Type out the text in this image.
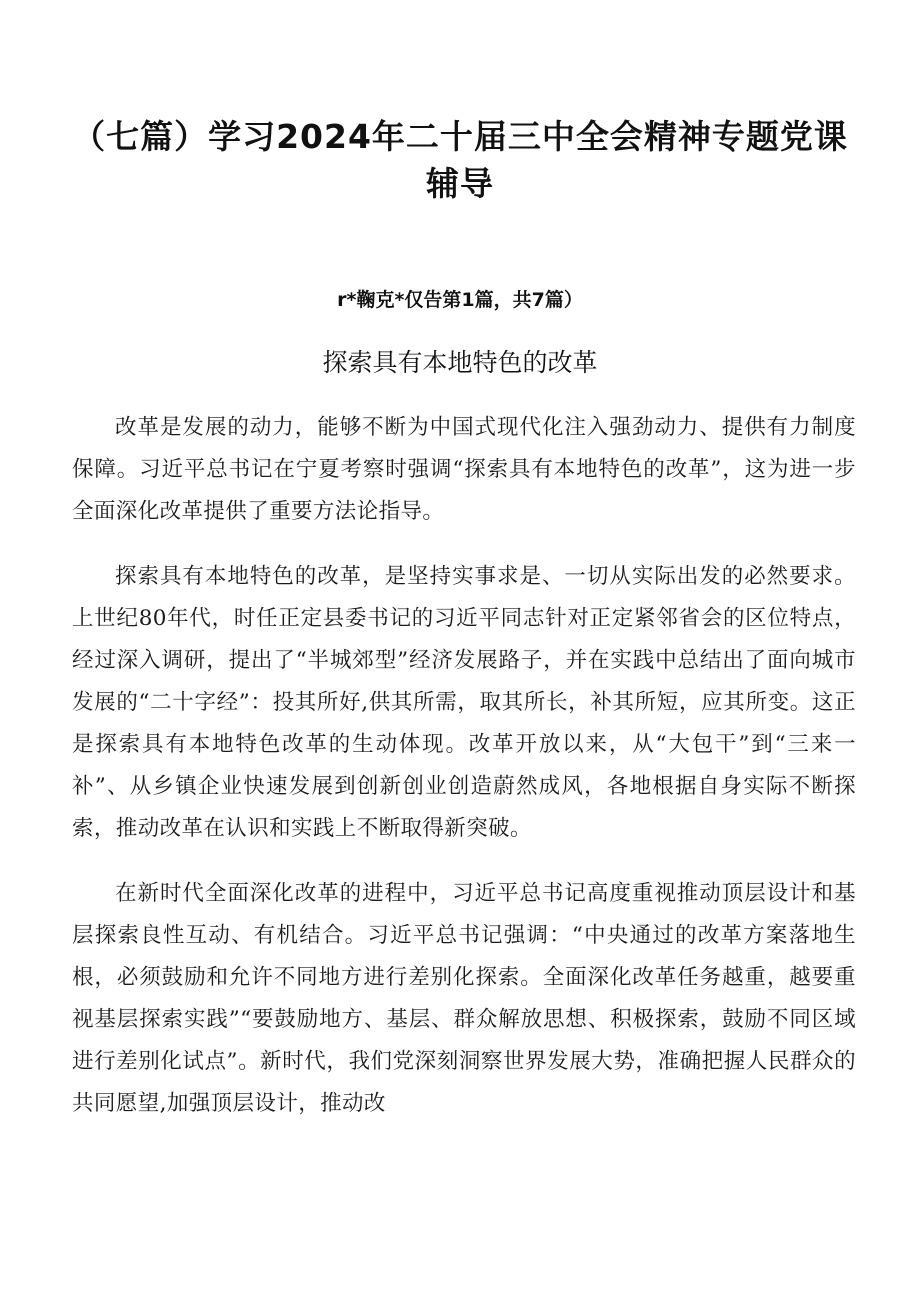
（七篇）学习2024年二十届三中全会精神专题党课
辅导
r*鞠克*仅告第1篇，共7篇）
探索具有本地特色的改革

改革是发展的动力，能够不断为中国式现代化注入强劲动力、提供有力制度保障。习近平总书记在宁夏考察时强调“探索具有本地特色的改革”，这为进一步全面深化改革提供了重要方法论指导。

探索具有本地特色的改革，是坚持实事求是、一切从实际出发的必然要求。上世纪80年代，时任正定县委书记的习近平同志针对正定紧邻省会的区位特点，经过深入调研，提出了“半城郊型”经济发展路子，并在实践中总结出了面向城市发展的“二十字经”：投其所好,供其所需，取其所长，补其所短，应其所变。这正是探索具有本地特色改革的生动体现。改革开放以来，从“大包干”到“三来一补”、从乡镇企业快速发展到创新创业创造蔚然成风，各地根据自身实际不断探索，推动改革在认识和实践上不断取得新突破。

在新时代全面深化改革的进程中，习近平总书记高度重视推动顶层设计和基层探索良性互动、有机结合。习近平总书记强调：“中央通过的改革方案落地生根，必须鼓励和允许不同地方进行差别化探索。全面深化改革任务越重，越要重视基层探索实践”“要鼓励地方、基层、群众解放思想、积极探索，鼓励不同区域进行差别化试点”。新时代，我们党深刻洞察世界发展大势，准确把握人民群众的共同愿望,加强顶层设计，推动改
